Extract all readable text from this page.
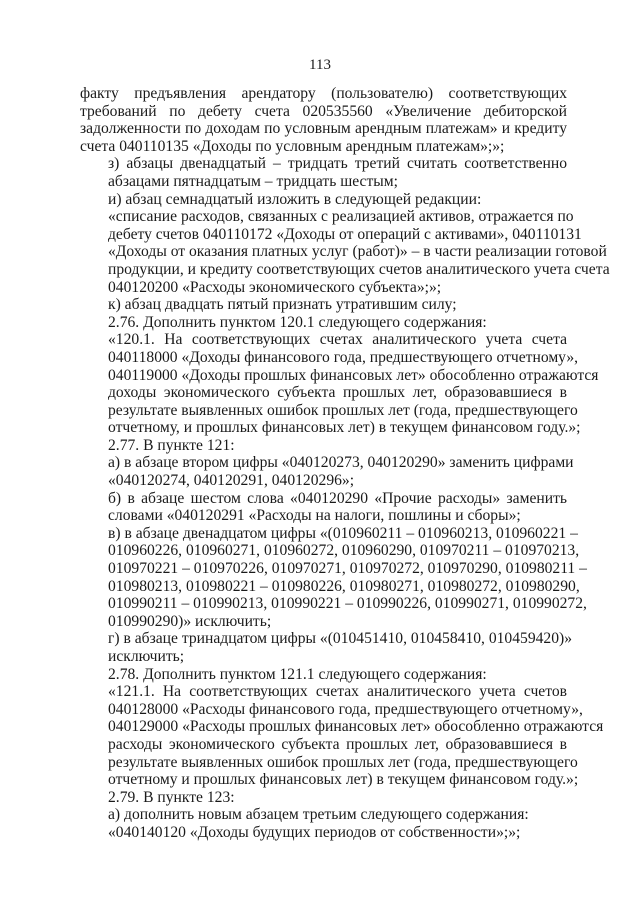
113

факту предъявления арендатору (пользователю) соответствующих
требований по дебету счета 020535560 «Увеличение дебиторской
задолженности по доходам по условным арендным платежам» и кредиту
счета 040110135 «Доходы по условным арендным платежам»;»;

з) абзацы двенадцатый – тридцать третий считать соответственно
абзацами пятнадцатым – тридцать шестым;

и) абзац семнадцатый изложить в следующей редакции:

«списание расходов, связанных с реализацией активов, отражается по
дебету счетов 040110172 «Доходы от операций с активами», 040110131
«Доходы от оказания платных услуг (работ)» – в части реализации готовой
продукции, и кредиту соответствующих счетов аналитического учета счета
040120200 «Расходы экономического субъекта»;»;

к) абзац двадцать пятый признать утратившим силу;

2.76. Дополнить пунктом 120.1 следующего содержания:

«120.1. На соответствующих счетах аналитического учета счета
040118000 «Доходы финансового года, предшествующего отчетному»,
040119000 «Доходы прошлых финансовых лет» обособленно отражаются
доходы экономического субъекта прошлых лет, образовавшиеся в
результате выявленных ошибок прошлых лет (года, предшествующего
отчетному, и прошлых финансовых лет) в текущем финансовом году.»;

2.77. В пункте 121:

а) в абзаце втором цифры «040120273, 040120290» заменить цифрами
«040120274, 040120291, 040120296»;

б) в абзаце шестом слова «040120290 «Прочие расходы» заменить
словами «040120291 «Расходы на налоги, пошлины и сборы»;

в) в абзаце двенадцатом цифры «(010960211 – 010960213, 010960221 –
010960226, 010960271, 010960272, 010960290, 010970211 – 010970213,
010970221 – 010970226, 010970271, 010970272, 010970290, 010980211 –
010980213, 010980221 – 010980226, 010980271, 010980272, 010980290,
010990211 – 010990213, 010990221 – 010990226, 010990271, 010990272,
010990290)» исключить;

г) в абзаце тринадцатом цифры «(010451410, 010458410, 010459420)»
исключить;

2.78. Дополнить пунктом 121.1 следующего содержания:

«121.1. На соответствующих счетах аналитического учета счетов
040128000 «Расходы финансового года, предшествующего отчетному»,
040129000 «Расходы прошлых финансовых лет» обособленно отражаются
расходы экономического субъекта прошлых лет, образовавшиеся в
результате выявленных ошибок прошлых лет (года, предшествующего
отчетному и прошлых финансовых лет) в текущем финансовом году.»;

2.79. В пункте 123:

а) дополнить новым абзацем третьим следующего содержания:

«040140120 «Доходы будущих периодов от собственности»;»;
